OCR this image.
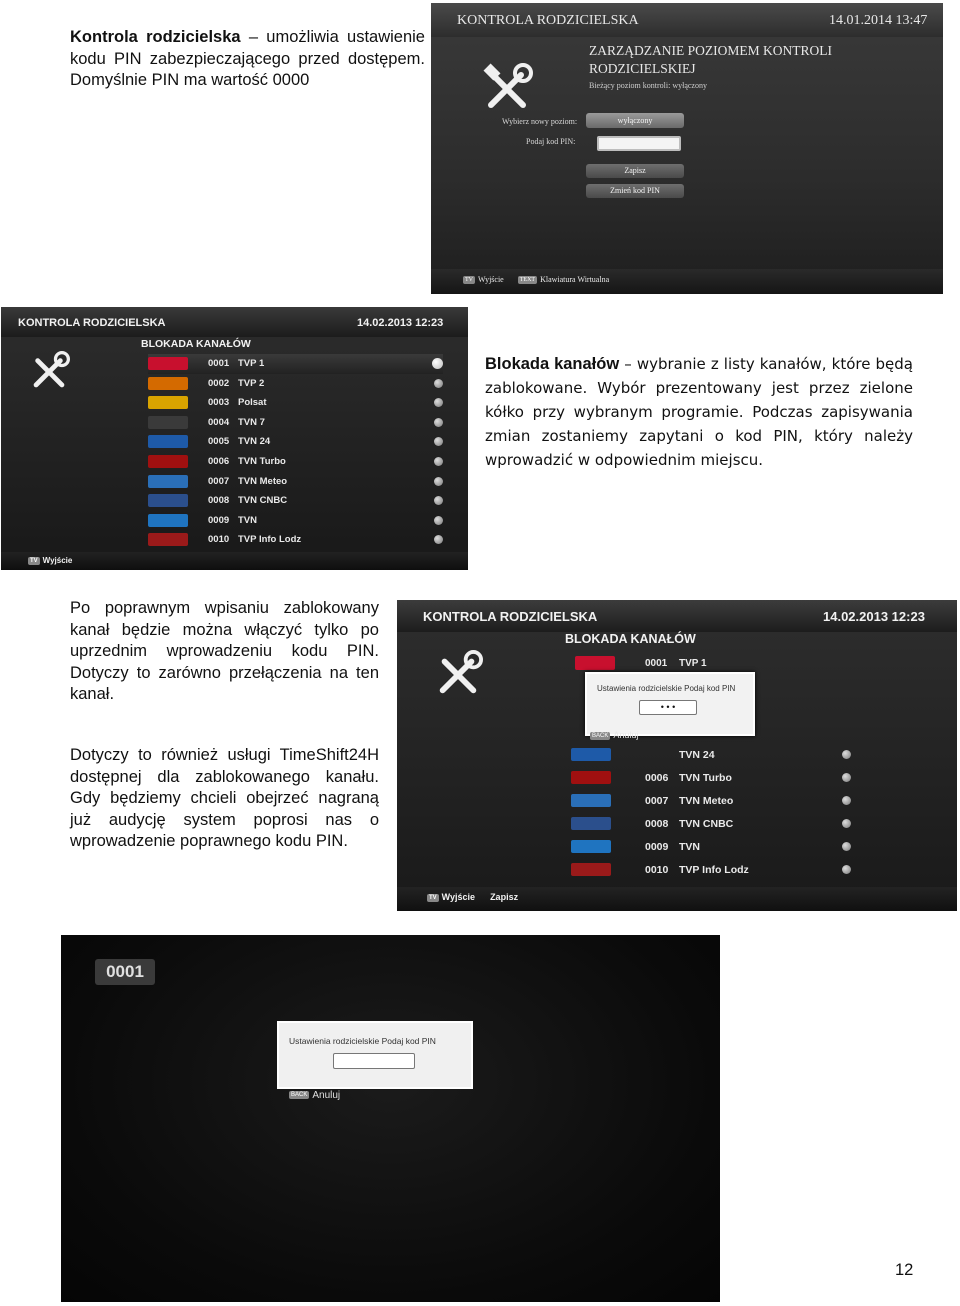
Kontrola rodzicielska – umożliwia ustawienie kodu PIN zabezpieczającego przed dostępem. Domyślnie PIN ma wartość 0000
KONTROLA RODZICIELSKA	14.01.2014 13:47
ZARZĄDZANIE POZIOMEM KONTROLI
RODZICIELSKIEJ
Bieżący poziom kontroli: wyłączony
Wybierz nowy poziom:	wyłączony
Podaj kod PIN:
Zapisz
Zmień kod PIN
TV Wyjście	TEXT Klawiatura Wirtualna
KONTROLA RODZICIELSKA	14.02.2013 12:23
BLOKADA KANAŁÓW
0001 TVP 1
0002 TVP 2
0003 Polsat
0004 TVN 7
0005 TVN 24
0006 TVN Turbo
0007 TVN Meteo
0008 TVN CNBC
0009 TVN
0010 TVP Info Lodz
TV Wyjście
Blokada kanałów – wybranie z listy kanałów, które będą zablokowane. Wybór prezentowany jest przez zielone kółko przy wybranym programie. Podczas zapisywania zmian zostaniemy zapytani o kod PIN, który należy wprowadzić w odpowiednim miejscu.
Po poprawnym wpisaniu zablokowany kanał będzie można włączyć tylko po uprzednim wprowadzeniu kodu PIN. Dotyczy to zarówno przełączenia na ten kanał.
Dotyczy to również usługi TimeShift24H dostępnej dla zablokowanego kanału. Gdy będziemy chcieli obejrzeć nagraną już audycję system poprosi nas o wprowadzenie poprawnego kodu PIN.
KONTROLA RODZICIELSKA	14.02.2013 12:23
BLOKADA KANAŁÓW
0001 TVP 1
TVN 24
0006 TVN Turbo
0007 TVN Meteo
0008 TVN CNBC
0009 TVN
0010 TVP Info Lodz
Ustawienia rodzicielskie Podaj kod PIN
• • •
BACK Anuluj
TV Wyjście Zapisz
0001
Ustawienia rodzicielskie Podaj kod PIN
BACK Anuluj
12
